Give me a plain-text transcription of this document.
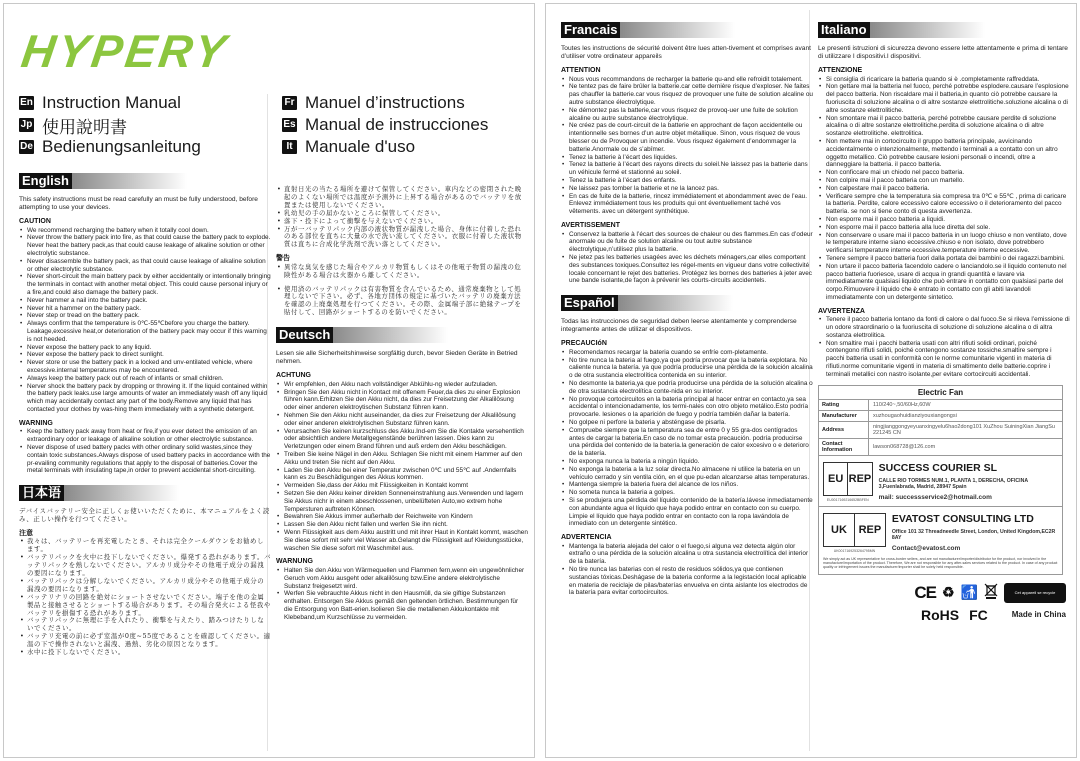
HYPERY
En Instruction Manual
Jp 使用說明書
De Bedienungsanleitung
Fr Manuel d’instructions
Es Manual de instrucciones
It Manuale d'uso
English

This safety instructions must be read carefully an must be fully understood, before attempting to use your devices.

CAUTION
• We recommend recharging the battery when it totally cool down.
• Never throw the battery pack into fire, as that could cause the battery pack to explode. Never heat the battery pack,as that could cause leakage of alkaline solution or other electrolytic substance.
• Never disassemble the battery pack, as that could cause leakage of alkaline solution or other electrolytic substance.
• Never short-circuit the main battery pack by either accidentally or intentionally bringing the terminals in contact with another metal object. This could cause personal injury or a fire,and could also damage the battery pack.
• Never hammer a nail into the battery pack.
• Never hit a hammer on the battery pack.
• Never step or tread on the battery pack.
• Always confirm that the temperature is 0℃-55℃before you charge the battery. Leakage,excessive heat,or deterioration of the battery pack may occur if this warning is not heeded.
• Never expose the battery pack to any liquid.
• Never expose the battery pack to direct sunlight.
• Never store or use the battery pack in a locked and unv-entilated vehicle, where excessive.internal temperatures may be encountered.
• Always keep the battery pack out of reach of infants or small children.
• Nerver shock the battery pack by dropping or throwing it. If the liquid contained within the battery pack leaks.use large amounts of water an immediately wash off any liquid which may accidentally contact any part of the body.Remove any liquid that has contacted your clothes by was-hing them immediately with a synthetic detergent.
WARNING
• Keep the battery pack away from heat or fire,if you ever detect the emission of an extraordinary odor or leakage of alkaline solution or other electrolytic substance.
• Never dispose of used battery packs with other ordinary solid wastes,since they contain toxic substances.Always dispose of used battery packs in accordance with the pr-evailing community regulations that apply to the disposal of batteries.Cover the metal terminals with insulating tape,in order to prevent accidental short-circuiting.
日本语

デバイスバッテリー安全に正しくぉ使いいただくために、本マニュアルをよく読み、正しい操作を行つてください。

注意
• 我々は、バッテリーを再充電したとき、それは完全クールダウンをお勧めします。
• バッテリパックを火中に投下しないでください。爆発する恐れがあります。バッテリパックを熱しないでください。アルカリ成分やその他電子成分の漏洩の要因になります。
• バッテリパックは分解しないでください。アルカリ成分やその他電子成分の漏洩の要因になります。
• バッテリナリの回路を絶対にショートさせないでください。端子を他の金属製品と接触させるとショートする場合があります。その場合発火による怪我やバッテリを損傷する恐れがあります。
• バッテリパックに無理に手を入れたり、衝撃を与えたり、踏みつけたりしないでください。
• バッテリ充電の前に必ず室温が0度~55度であることを確認してください。適温の下で操作されないと漏洩、過熱、劣化の原因となります。
• 水中に投下しないでください。
• 直射日光の当たる場所を避けて保管してください。車内などの密閉された晩起のよくない場所では温度が予測外に上昇する場合があるのでバッテリを放置または使用しないでください。
• 乳幼児の手の届かないところに保管してください。
• 落下・投下によって衝撃を与えないでください。
• 万が一バッテリパック内部の液状物質が漏洩した場合、身体に付着した恐れのある部位を直ちに大量の水で洗い流してください。衣服に付着した液状物質は直ちに合成化学洗剤で洗い落としてください。
警告
• 異常な臭気を感じた場合やアルカリ物質もしくはその他電子物質の漏洩の危険性がある場合は火器から離してください。
• 使用済のバッテリパックは有害物質を含んでいるため、通常廃棄物として処理しないで下さい。必ず、各地方団体の規定に基づいたバッテリの廃棄方法を確認の上廃棄処理を行つてください。その際、金属端子部に絶縁テープを貼付して、回路がショートするのを防いでください。
Deutsch

Lesen sie alle Sicherheitshinweise sorgfältig durch, bevor Sieden Geräte in Betried nehmen.

ACHTUNG
• Wir empfehlen, den Akku nach vollständiger Abkühlu-ng wieder aufzuladen.
• Bringen Sie den Akku nicht in Kontact mit offenem Feuer,da dies zu einer Explosion führen kann.Erhitzen Sie den Akku nicht, da dies zur Freisetzung der Alkalilösung oder einer anderen elektroytischen Substanz führen kann.
• Nehmen Sie den Akku nicht auseinander, da dies zur Freisetzung der Alkalilösung oder einer anderen elektrolytischen Substanz führen kann.
• Verursachen Sie keinen kurzschluss des Akku.Ind-em Sie die Kontakte versehentlich oder absichtlich andere Metallgegenstände berühren lassen. Dies kann zu Verletzungen oder einem Brand führen und auß erdem den Akku beschädigen.
• Treiben Sie keine Nägel in den Akku. Schlagen Sie nicht mit einem Hammer auf den Akku und treten Sie nicht auf den Akku.
• Laden Sie den Akku bei einer Temperatur zwischen 0℃ und 55℃ auf .Andernfalls kann es zu Beschädigungen des Akkus kommen.
• Vermeiden Sie,dass der Akku mit Flüssigkeiten in Kontakt kommt
• Setzen Sie den Akku keiner direkten Sonneneinstrahlung aus.Verwenden und lagern Sie Akkus nichr in einem abeschlossenen, unbelüfteten Auto,wo extrem hohe Tempersturen auftreten Können.
• Bewahren Sie Akkus immer außerhalb der Reichweite von Kindern
• Lassen Sie den Akku nicht fallen und werfen Sie ihn nicht.
• Wenn Flüssigkeit aus dem Akku austritt und mit ihrer Haut in Kontakt kommt, waschen Sie diese sofort mit sehr viel Wasser ab.Gelangt die Flüssigkeit auf Kleidungsstücke, waschen Sie diese sofort mit Waschmitel aus.
WARNUNG
• Halten Sie den Akku von Wärmequellen und Flammen fern,wenn ein ungewöhnlicher Geruch vom Akku ausgeht oder alkalilösung bzw.Eine andere elektrolytische Substanz freigesetzt wird.
• Werfen Sie vebrauchte Akkus nicht in den Hausmüll, da sie giftige Substanzen enthalten. Entsorgen Sie Akkus gemäß den geltenden örtlichen. Bestimmungen für die Entsorgung von Batt-erien.Isolieren Sie die metallenen Akkukontakte mit Klebeband,um Kurzschlüsse zu vermeiden.
Francais

Toutes les instructions de sécurité doivent être lues atten-tivement et comprises avant d’utiliser votre ordinateur appareils

ATTENTION
• Nous vous recommandons de recharger la batterie qu-and elle refroidit totalement.
• Ne tentez pas de faire brûler la batterie.car cette dernière risque d’exploser. Ne faites pas chauffer la batterie.car vous risquez de provoquer une fuite de solution alcaline ou autre substance électrolytique.
• Ne démontez pas la batterie,car vous risquez de provoq-uer une fuite de solution alcaline ou autre substance électrolytique.
• Ne créez pas de court-circuit de la batterie en approchant de façon accidentelle ou intentionnelle ses bornes d’un autre objet métallique. Sinon, vous risquez de vous blesser ou de Provoquer un incendie. Vous risquez également d’endommager la batterie.Anormale ou de s’abîmer.
• Tenez la batterie à l’écart des liquides.
• Tenez la batterie à l’écart des rayons directs du soleil.Ne laissez pas la batterie dans un véhicule fermé et stationné au soleil.
• Tenez la batterie à l’écart des enfants.
• Ne laissez pas tomber la batterie et ne la lancez pas.
• En cas de fuite de la batterie, rincez immédiatement et abondamment avec de l’eau. Enlevez immédiatement tous les produits qui ont éventuellement taché vos vêtements. avec un détergent synthétique.
AVERTISSEMENT
• Conservez la batterie à l’écart des sources de chaleur ou des flammes.En cas d’odeur anormale ou de fuite de solution alcaline ou tout autre substance électrolytique,n’utilisez plus la batterie.
• Ne jetez pas les batteries usagées avec les déchets ménagers,car elles comportent des substances toxiques.Consultez les régel-ments en vigueur dans votre collectivité locale concernant le rejet des batteries. Protégez les bornes des batteries à jeter avec une bande isolante,de façon à prévenir les courts-circuits accidentels.
Español

Todas las instrucciones de seguridad deben leerse atentamente y comprenderse integramente antes de utilizar el dispositivos.

PRECAUCIóN
• Recomendamos recargar la bateria cuando se enfríe com-pletamente.
• No tire nunca la bateria al fuego,ya que podría provocar que la bateria explotara. No caliente nunca la batería. ya que podría producirse una pérdida de la solución alcalina o de otra sustancia electrolítica contenida en su interior.
• No desmonte la bateria,ya que podría producirse una pérdida de la solución alcalina o de otra sustancia electrolítica conte-nida en su interior.
• No provoque cortocircuitos en la bateria principal al hacer entrar en contacto,ya sea accidental o intencionadamente, los termi-nales con otro objeto metálico.Esto podría provocarle. lesiones o la aparición de fuego y podría también dañar la batería.
• No golpee ni perfore la bateria y absténgase de pisarla.
• Compruebe siempre que la temperatura sea de entre 0 y 55 gra-dos centígrados antes de cargar la bateria.En caso de no tomar esta precaución. podría producirse una pérdida del contenido de la batería.la generación de calor excesivo o e deterioro de la batería.
• No exponga nunca la bateria a ningún líquido.
• No exponga la bateria a la luz solar directa.No almacene ni utilice la bateria en un vehículo cerrado y sin ventila ción, en el que pu-edan alcanzarse altas temperaturas.
• Mantenga siempre la bateria fuera del alcance de los niños.
• No someta nunca la bateria a golpes.
• Si se produjera una pérdida del líquido contenido de la batería.lávese inmediatamente con abundante agua el líquido que haya podido entrar en contacto con su cuerpo. Limpie el líquido que haya podido entrar en contacto con la ropa lavándola de inmediato con un detergente sintético.
ADVERTENCIA
• Mantenga la bateria alejada del calor o el fuego,si alguna vez detecta algún olor extraño o una pérdida de la solución alcalina u otra sustancia electrolítica del interior de la batería.
• No tire nunca las baterias con el resto de residuos sólidos,ya que contienen sustancias tóxicas.Deshágase de la bateria conforme a la legistación local aplicable en materia de reciclaje de pilas/baterías envuelva en cinta aislante los electrodos de la batería para evitar cortocircuitos.
Italiano

Le presenti istruzioni di sicurezza devono essere lette attentamente e prima di tentare di utilizzare I dispositivi.I dispositivi.

ATTENZIONE
• Si consiglia di ricaricare la batteria quando si è .completamente raffreddata.
• Non gettare mai la batteria nel fuoco, perché potrebbe esplodere.causare l’esplosione del pacco batteria. Non riscaldare mai il batteria,in quanto ciò potrebbe causare la fuoriuscita di soluzione alcalina o di altre sostanze elettrolitiche.soluzione alcalina o di altre sostanze elettrolitiche.
• Non smontare mai il pacco batteria, perché potrebbe causare perdite di soluzione alcalina o di altre sostanze elettrolitiche.perdita di soluzione alcalina o di altre sostanze elettrolitiche. elettrolitica.
• Non mettere mai in cortocircuito il gruppo batteria principale, avvicinando accidentalmente o intenzionalmente, mettendo i terminali a a contatto con un altro oggetto metallico. Ciò potrebbe causare lesioni personali o incendi, oltre a danneggiare la batteria. il pacco batteria.
• Non conficcare mai un chiodo nel pacco batteria.
• Non colpire mai il pacco batteria con un martello.
• Non calpestare mai il pacco batteria.
• Verificare sempre che la temperatura sia compresa tra 0℃ e 55℃ , prima di caricare la batteria. Perdite, calore eccessivo calore eccessivo o il deterioramento del pacco batteria. se non si tiene conto di questa avvertenza.
• Non esporre mai il pacco batteria a liquidi.
• Non esporre mai il pacco batteria alla luce diretta del sole.
• Non conservare o usare mai il pacco batteria in un luogo chiuso e non ventilato, dove le temperature interne siano eccessive.chiuso e non isolato, dove potrebbero verificarsi temperature interne eccessive.temperature interne eccessive.
• Tenere sempre il pacco batteria fuori dalla portata dei bambini o dei ragazzi.bambini.
• Non urtare il pacco batteria facendolo cadere o lanciandolo.se il liquido contenuto nel pacco batteria fuoriesce, usare di acqua in grandi quantità e lavare via immediatamente qualsiasi liquido che può entrare in contatto con qualsiasi parte del corpo.Rimuovere il liquido che è entrato in contatto con gli abiti lavandoli immediatamente con un detergente sintetico.
AVVERTENZA
• Tenere il pacco batteria lontano da fonti di calore o dal fuoco.Se si rileva l’emissione di un odore straordinario o la fuoriuscita di soluzione di soluzione alcalina o di altra sostanza elettrolitica.
• Non smaltire mai i pacchi batteria usati con altri rifiuti solidi ordinari, poiché contengono rifiuti solidi, poiché contengono sostanze tossiche.smaltire sempre i pacchi batteria usati in conformità con le norme comunitarie vigenti in materia di rifiuti.norme comunitarie vigenti in materia di smaltimento delle batterie.coprire i terminali metallici con nastro isolante,per evitare cortocircuiti accidentali.
Electric Fan
Rating	110/240~,50/60Hz,60W
Manufacturer	xuzhougaohuidianziyouxiangongsi
Address	ningjianggongyeyuanxingyelu6hao2dong101 XuZhou SuiningXian JiangSu 221245 CN
Contact Information	lawson068728@126.com
EU REP
EU0017169216652BBFEN
SUCCESS COURIER SL
CALLE RIO TORMES NUM.1, PLANTA 1, DERECHA, OFICINA 3,Fuenlabrada, Madrid, 28947 Spain
mail: successservice2@hotmail.com
UK	REP
UK0017169253264795MN
EVATOST CONSULTING LTD
Office 101 32 Threadneedle Street, London, United Kingdom,EC2R 8AY
Contact@evatost.com
We simply act as UK representative for cross-border sellers, and are not manufacturer/importer/distributor for the product, nor involved in the manufacture/importation of the product. Therefore, We are not responsible for any after-sales services related to the product. In case of any product quality or infringement issues the manufacturer/importer shall be solely held responsible.
CE ♻ 🚮	Cet appareil se recycle
RoHS FC	Made in China
